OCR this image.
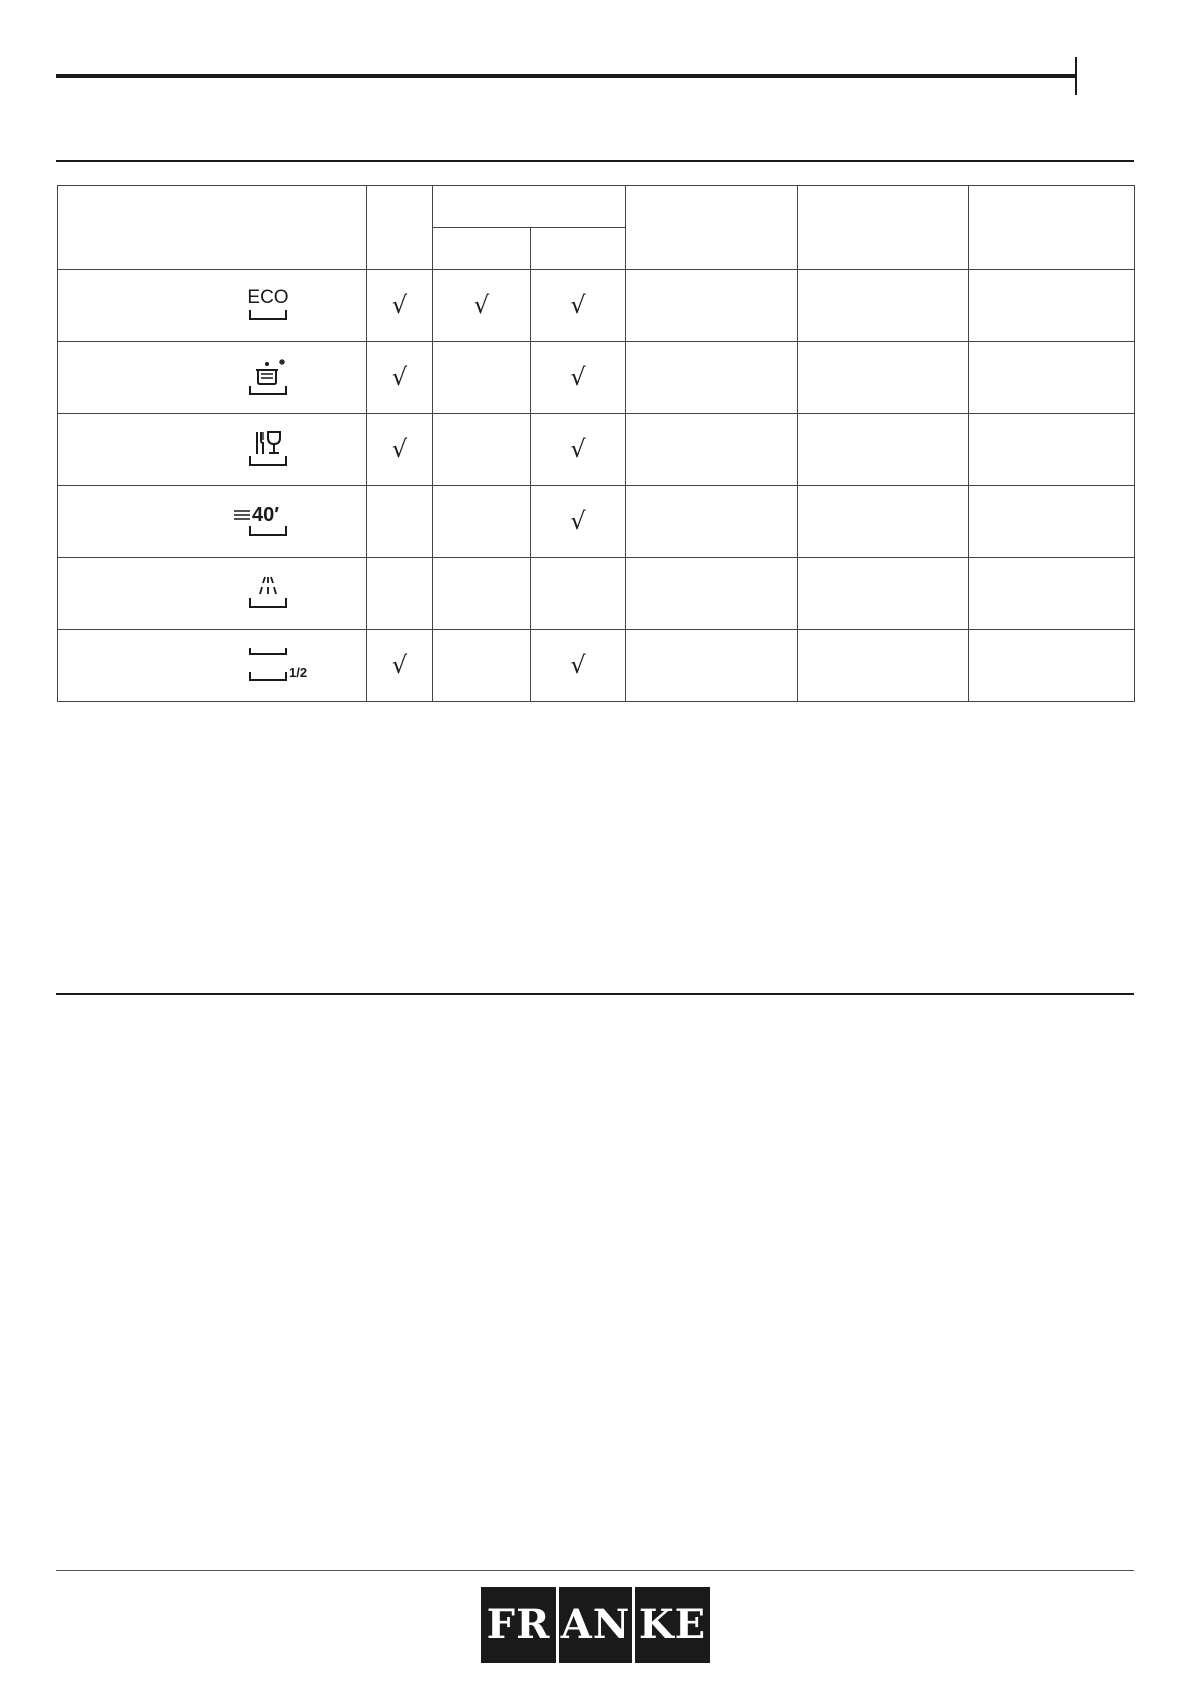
ECO	√	√	√			
	√		√			
	√		√			

40′			√			

1/2	√		√			
FR AN KE
